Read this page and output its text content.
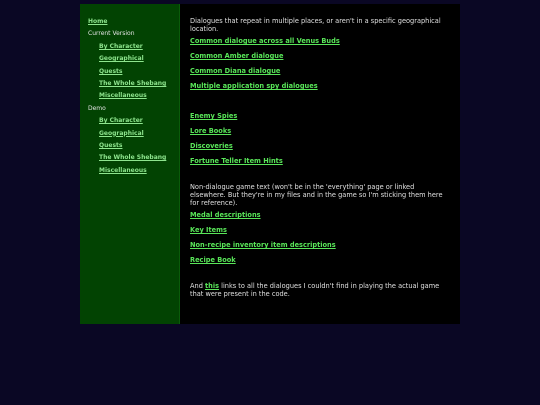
Home
Current Version
By Character
Geographical
Quests
The Whole Shebang
Miscellaneous
Demo
By Character
Geographical
Quests
The Whole Shebang
Miscellaneous

Dialogues that repeat in multiple places, or aren't in a specific geographical location.

Common dialogue across all Venus Buds
Common Amber dialogue
Common Diana dialogue
Multiple application spy dialogues
Enemy Spies
Lore Books
Discoveries
Fortune Teller Item Hints

Non-dialogue game text (won't be in the 'everything' page or linked elsewhere. But they're in my files and in the game so I'm sticking them here for reference).

Medal descriptions
Key Items
Non-recipe inventory item descriptions
Recipe Book

And this links to all the dialogues I couldn't find in playing the actual game that were present in the code.
